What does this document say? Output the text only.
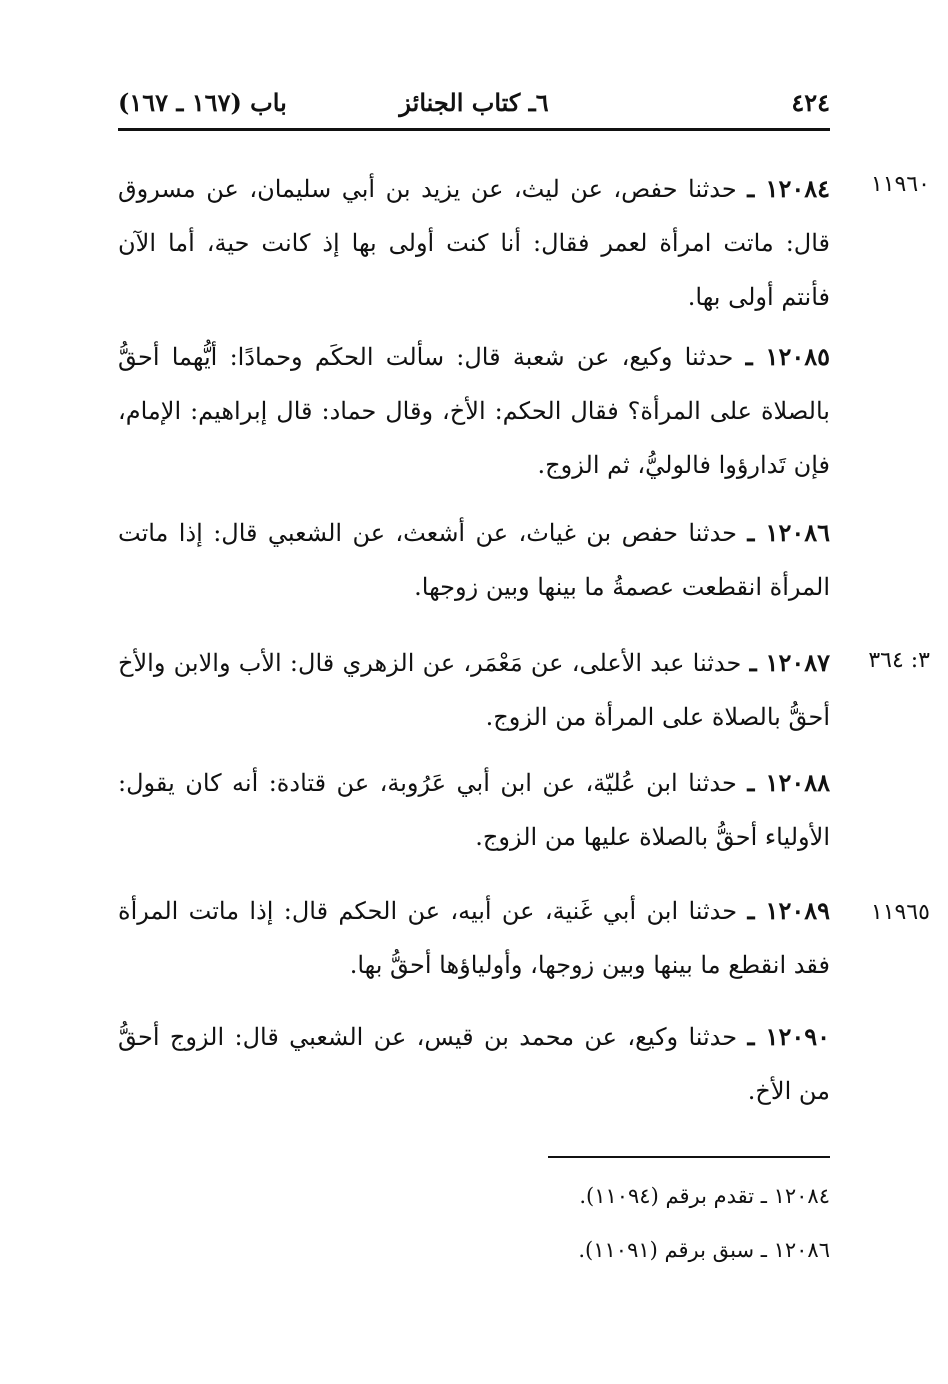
٤٢٤
٦ـ كتاب الجنائز
باب (١٦٧ ـ ١٦٧)
١١٩٦٠
١٢٠٨٤ ـ حدثنا حفص، عن ليث، عن يزيد بن أبي سليمان، عن مسروق قال: ماتت امرأة لعمر فقال: أنا كنت أولى بها إذ كانت حية، أما الآن فأنتم أولى بها.
١٢٠٨٥ ـ حدثنا وكيع، عن شعبة قال: سألت الحكَم وحمادًا: أيُّهما أحقُّ بالصلاة على المرأة؟ فقال الحكم: الأخ، وقال حماد: قال إبراهيم: الإمام، فإن تَدارؤوا فالوليُّ، ثم الزوج.
١٢٠٨٦ ـ حدثنا حفص بن غياث، عن أشعث، عن الشعبي قال: إذا ماتت المرأة انقطعت عصمةُ ما بينها وبين زوجها.
٣: ٣٦٤
١٢٠٨٧ ـ حدثنا عبد الأعلى، عن مَعْمَر، عن الزهري قال: الأب والابن والأخ أحقُّ بالصلاة على المرأة من الزوج.
١٢٠٨٨ ـ حدثنا ابن عُليّة، عن ابن أبي عَرُوبة، عن قتادة: أنه كان يقول: الأولياء أحقُّ بالصلاة عليها من الزوج.
١١٩٦٥
١٢٠٨٩ ـ حدثنا ابن أبي غَنية، عن أبيه، عن الحكم قال: إذا ماتت المرأة فقد انقطع ما بينها وبين زوجها، وأولياؤها أحقُّ بها.
١٢٠٩٠ ـ حدثنا وكيع، عن محمد بن قيس، عن الشعبي قال: الزوج أحقُّ من الأخ.
١٢٠٨٤ ـ تقدم برقم (١١٠٩٤).
١٢٠٨٦ ـ سبق برقم (١١٠٩١).
